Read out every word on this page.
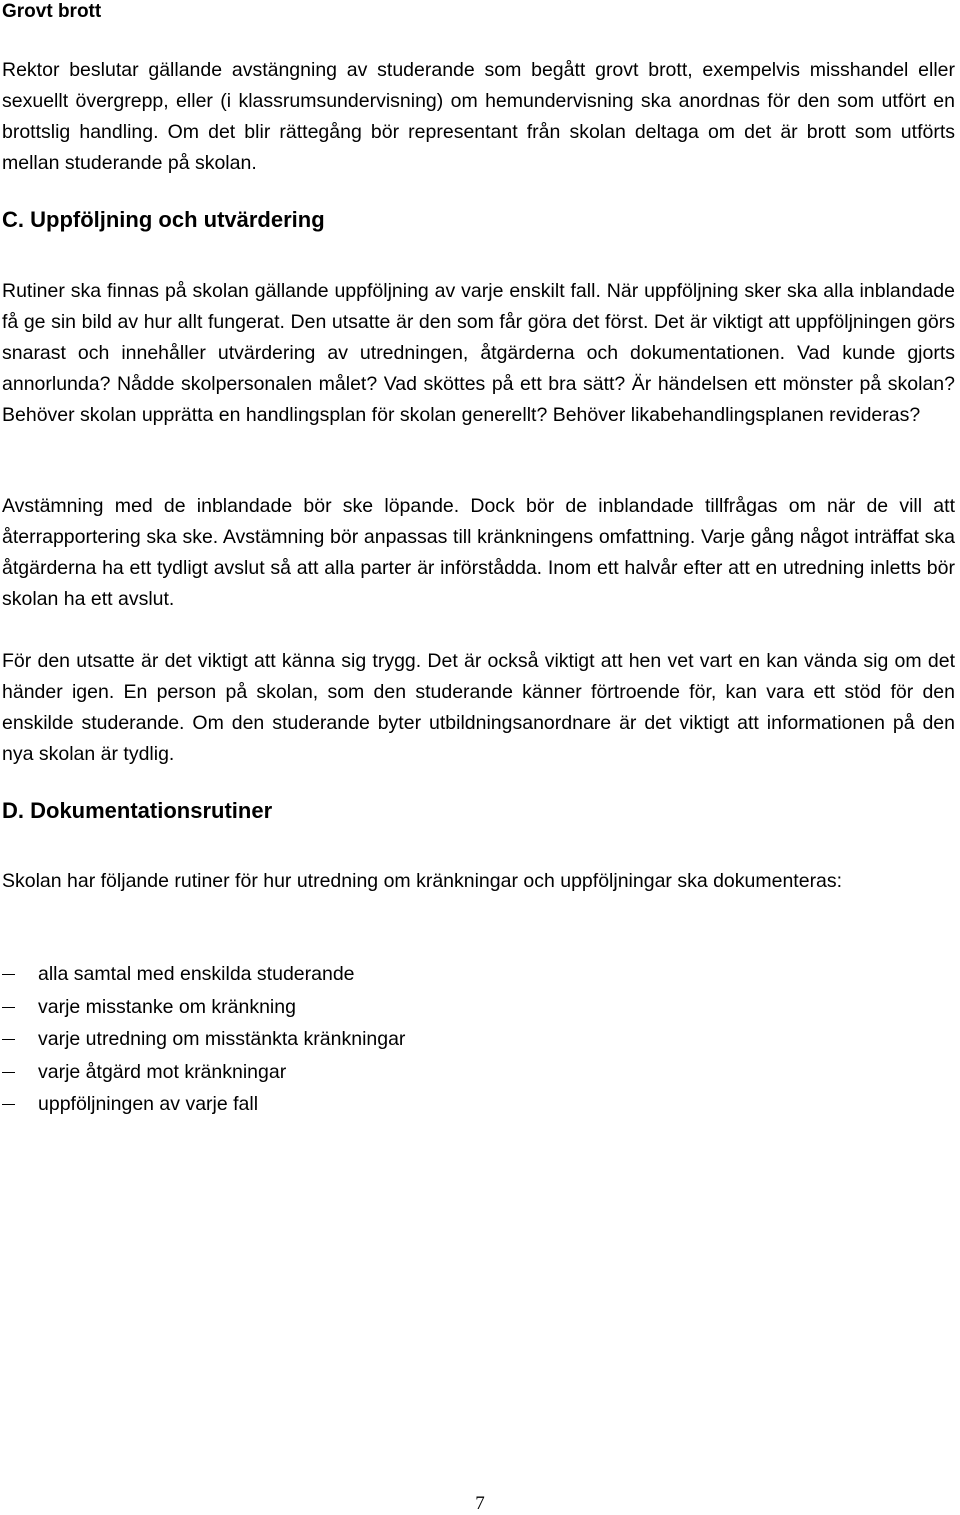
Grovt brott
Rektor beslutar gällande avstängning av studerande som begått grovt brott, exempelvis misshandel eller sexuellt övergrepp, eller (i klassrumsundervisning) om hemundervisning ska anordnas för den som utfört en brottslig handling. Om det blir rättegång bör representant från skolan deltaga om det är brott som utförts mellan studerande på skolan.
C. Uppföljning och utvärdering
Rutiner ska finnas på skolan gällande uppföljning av varje enskilt fall. När uppföljning sker ska alla inblandade få ge sin bild av hur allt fungerat. Den utsatte är den som får göra det först. Det är viktigt att uppföljningen görs snarast och innehåller utvärdering av utredningen, åtgärderna och dokumentationen. Vad kunde gjorts annorlunda? Nådde skolpersonalen målet? Vad sköttes på ett bra sätt? Är händelsen ett mönster på skolan? Behöver skolan upprätta en handlingsplan för skolan generellt? Behöver likabehandlingsplanen revideras?
Avstämning med de inblandade bör ske löpande. Dock bör de inblandade tillfrågas om när de vill att återrapportering ska ske. Avstämning bör anpassas till kränkningens omfattning. Varje gång något inträffat ska åtgärderna ha ett tydligt avslut så att alla parter är införstådda. Inom ett halvår efter att en utredning inletts bör skolan ha ett avslut.
För den utsatte är det viktigt att känna sig trygg. Det är också viktigt att hen vet vart en kan vända sig om det händer igen. En person på skolan, som den studerande känner förtroende för, kan vara ett stöd för den enskilde studerande. Om den studerande byter utbildningsanordnare är det viktigt att informationen på den nya skolan är tydlig.
D. Dokumentationsrutiner
Skolan har följande rutiner för hur utredning om kränkningar och uppföljningar ska dokumenteras:
alla samtal med enskilda studerande
varje misstanke om kränkning
varje utredning om misstänkta kränkningar
varje åtgärd mot kränkningar
uppföljningen av varje fall
7
